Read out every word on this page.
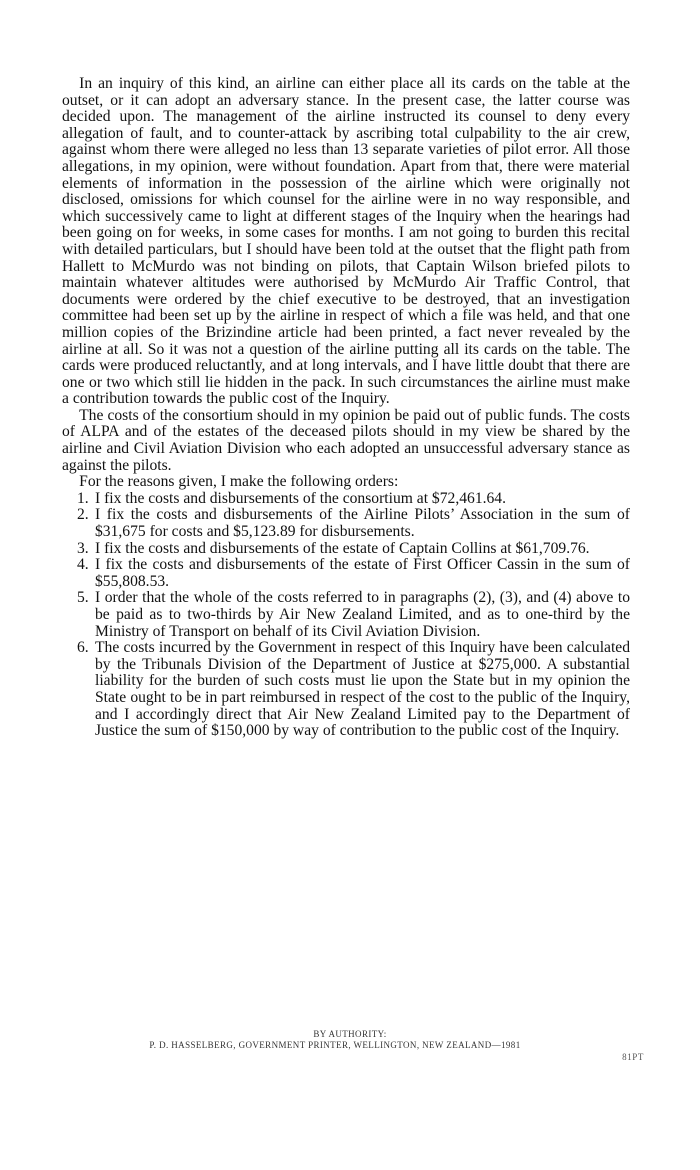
In an inquiry of this kind, an airline can either place all its cards on the table at the outset, or it can adopt an adversary stance. In the present case, the latter course was decided upon. The management of the airline instructed its counsel to deny every allegation of fault, and to counter-attack by ascribing total culpability to the air crew, against whom there were alleged no less than 13 separate varieties of pilot error. All those allegations, in my opinion, were without foundation. Apart from that, there were material elements of information in the possession of the airline which were originally not disclosed, omissions for which counsel for the airline were in no way responsible, and which successively came to light at different stages of the Inquiry when the hearings had been going on for weeks, in some cases for months. I am not going to burden this recital with detailed particulars, but I should have been told at the outset that the flight path from Hallett to McMurdo was not binding on pilots, that Captain Wilson briefed pilots to maintain whatever altitudes were authorised by McMurdo Air Traffic Control, that documents were ordered by the chief executive to be destroyed, that an investigation committee had been set up by the airline in respect of which a file was held, and that one million copies of the Brizindine article had been printed, a fact never revealed by the airline at all. So it was not a question of the airline putting all its cards on the table. The cards were produced reluctantly, and at long intervals, and I have little doubt that there are one or two which still lie hidden in the pack. In such circumstances the airline must make a contribution towards the public cost of the Inquiry.

The costs of the consortium should in my opinion be paid out of public funds. The costs of ALPA and of the estates of the deceased pilots should in my view be shared by the airline and Civil Aviation Division who each adopted an unsuccessful adversary stance as against the pilots.

For the reasons given, I make the following orders:

1. I fix the costs and disbursements of the consortium at $72,461.64.
2. I fix the costs and disbursements of the Airline Pilots’ Association in the sum of $31,675 for costs and $5,123.89 for disbursements.
3. I fix the costs and disbursements of the estate of Captain Collins at $61,709.76.
4. I fix the costs and disbursements of the estate of First Officer Cassin in the sum of $55,808.53.
5. I order that the whole of the costs referred to in paragraphs (2), (3), and (4) above to be paid as to two-thirds by Air New Zealand Limited, and as to one-third by the Ministry of Transport on behalf of its Civil Aviation Division.
6. The costs incurred by the Government in respect of this Inquiry have been calculated by the Tribunals Division of the Department of Justice at $275,000. A substantial liability for the burden of such costs must lie upon the State but in my opinion the State ought to be in part reimbursed in respect of the cost to the public of the Inquiry, and I accordingly direct that Air New Zealand Limited pay to the Department of Justice the sum of $150,000 by way of contribution to the public cost of the Inquiry.
BY AUTHORITY:
P. D. HASSELBERG, GOVERNMENT PRINTER, WELLINGTON, NEW ZEALAND—1981
81PT
